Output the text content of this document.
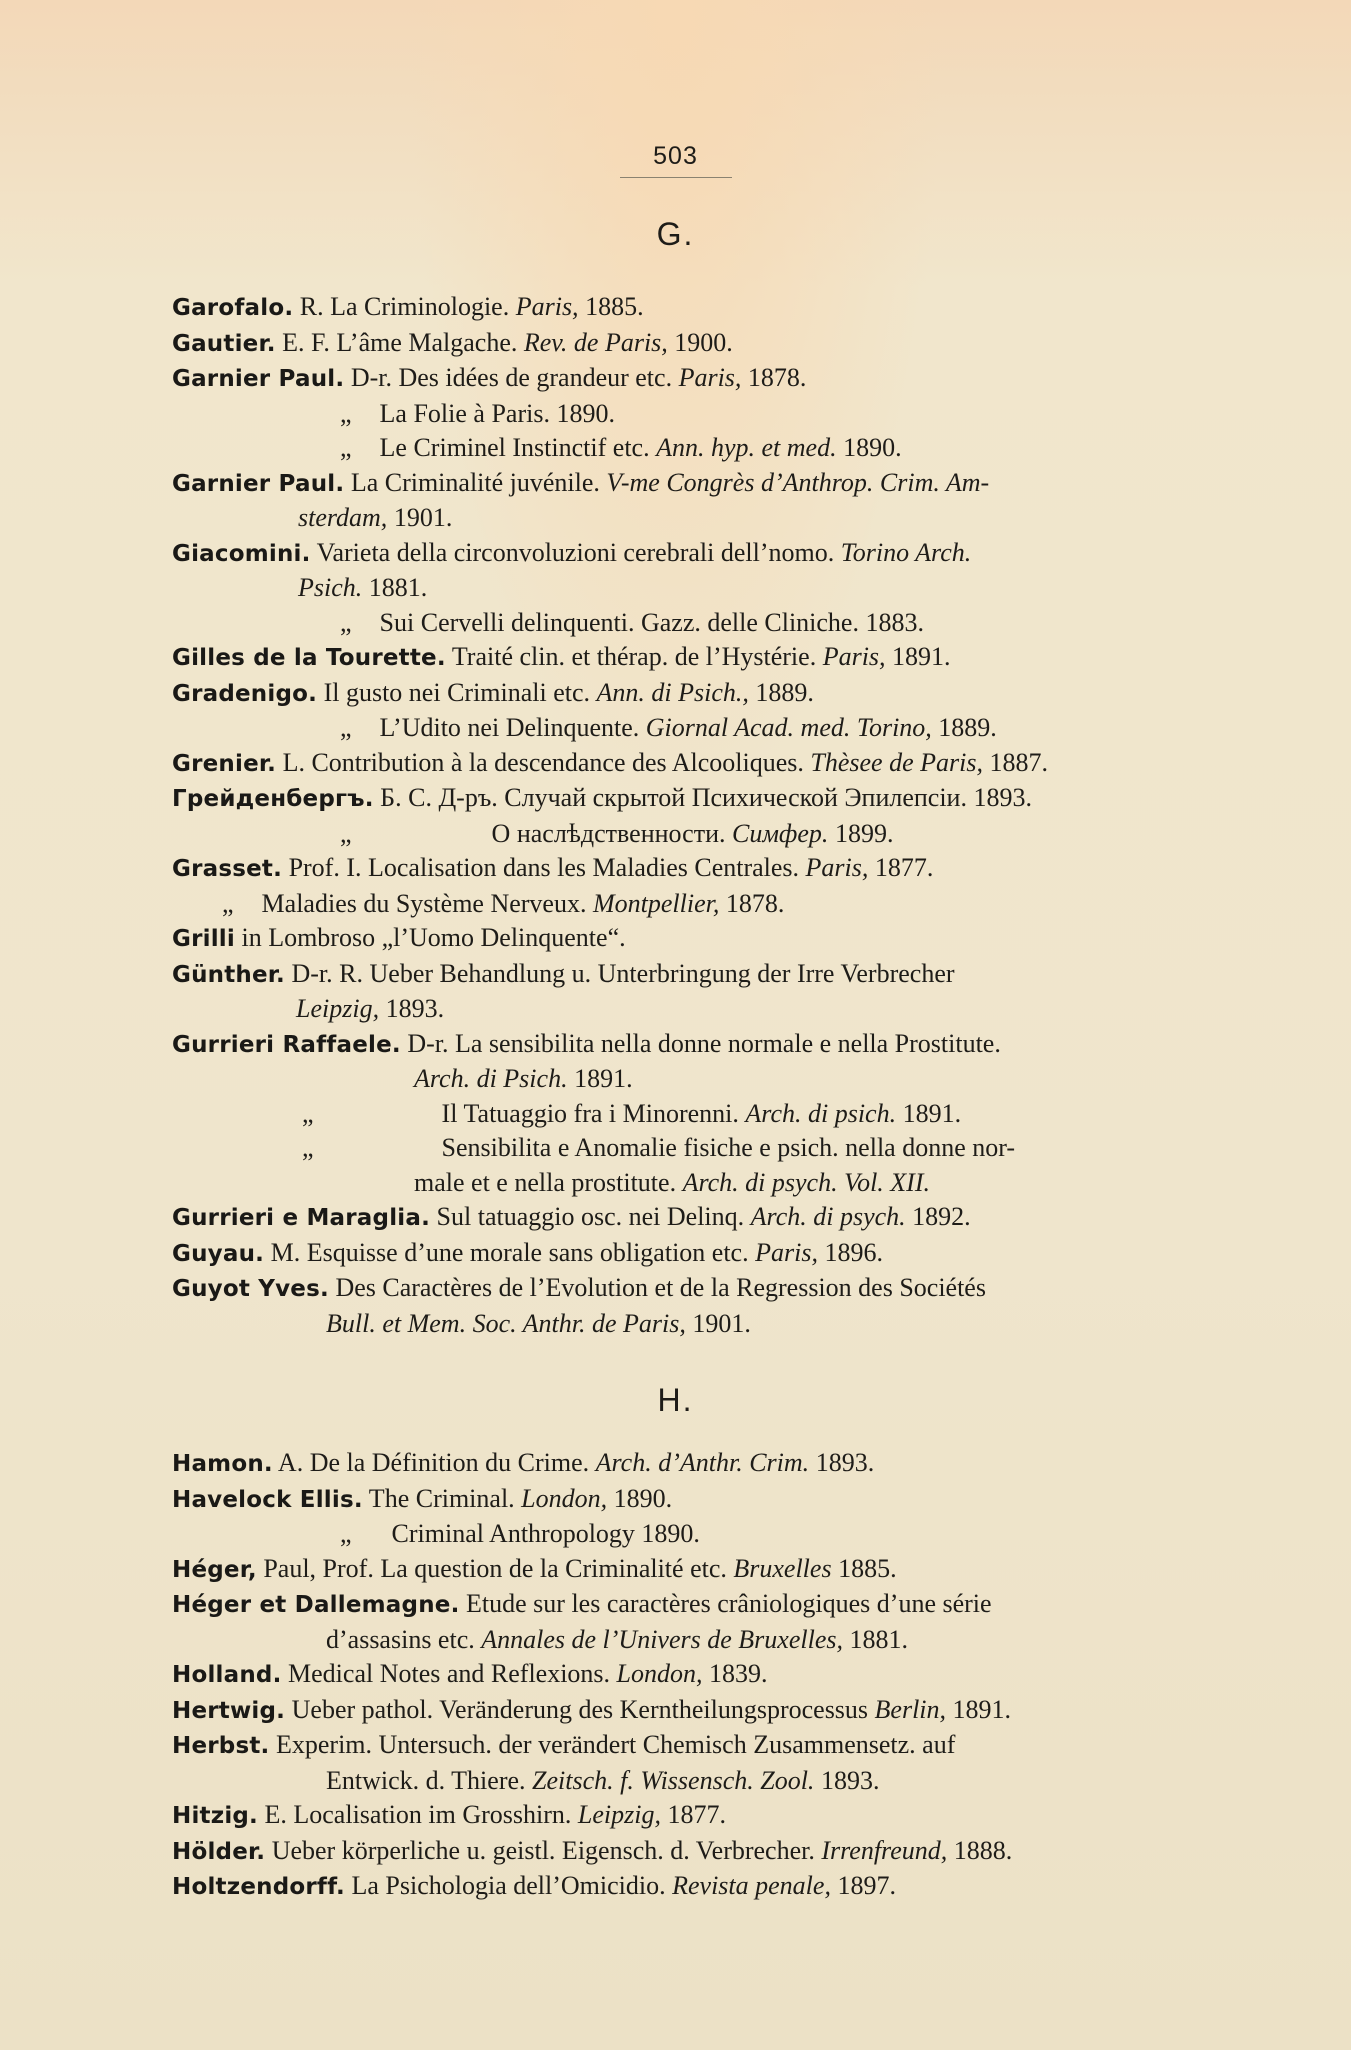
503
G.
Garofalo. R. La Criminologie. Paris, 1885.
Gautier. E. F. L’âme Malgache. Rev. de Paris, 1900.
Garnier Paul. D-r. Des idées de grandeur etc. Paris, 1878.
„ La Folie à Paris. 1890.
„ Le Criminel Instinctif etc. Ann. hyp. et med. 1890.
Garnier Paul. La Criminalité juvénile. V-me Congrès d’Anthrop. Crim. Am-
sterdam, 1901.
Giacomini. Varieta della circonvoluzioni cerebrali dell’nomo. Torino Arch.
Psich. 1881.
„ Sui Cervelli delinquenti. Gazz. delle Cliniche. 1883.
Gilles de la Tourette. Traité clin. et thérap. de l’Hystérie. Paris, 1891.
Gradenigo. Il gusto nei Criminali etc. Ann. di Psich., 1889.
„ L’Udito nei Delinquente. Giornal Acad. med. Torino, 1889.
Grenier. L. Contribution à la descendance des Alcooliques. Thèsee de Paris, 1887.
Грейденбергъ. Б. С. Д-ръ. Случай скрытой Психической Эпилепсіи. 1893.
„	О наслѣдственности. Симфер. 1899.
Grasset. Prof. I. Localisation dans les Maladies Centrales. Paris, 1877.
„ Maladies du Système Nerveux. Montpellier, 1878.
Grilli in Lombroso „l’Uomo Delinquente“.
Günther. D-r. R. Ueber Behandlung u. Unterbringung der Irre Verbrecher
Leipzig, 1893.
Gurrieri Raffaele. D-r. La sensibilita nella donne normale e nella Prostitute.
Arch. di Psich. 1891.
„	Il Tatuaggio fra i Minorenni. Arch. di psich. 1891.
„	Sensibilita e Anomalie fisiche e psich. nella donne nor-
male et e nella prostitute. Arch. di psych. Vol. XII.
Gurrieri e Maraglia. Sul tatuaggio osc. nei Delinq. Arch. di psych. 1892.
Guyau. M. Esquisse d’une morale sans obligation etc. Paris, 1896.
Guyot Yves. Des Caractères de l’Evolution et de la Regression des Sociétés
Bull. et Mem. Soc. Anthr. de Paris, 1901.
H.
Hamon. A. De la Définition du Crime. Arch. d’Anthr. Crim. 1893.
Havelock Ellis. The Criminal. London, 1890.
„ Criminal Anthropology 1890.
Héger, Paul, Prof. La question de la Criminalité etc. Bruxelles 1885.
Héger et Dallemagne. Etude sur les caractères crâniologiques d’une série
d’assasins etc. Annales de l’Univers de Bruxelles, 1881.
Holland. Medical Notes and Reflexions. London, 1839.
Hertwig. Ueber pathol. Veränderung des Kerntheilungsprocessus Berlin, 1891.
Herbst. Experim. Untersuch. der verändert Chemisch Zusammensetz. auf
Entwick. d. Thiere. Zeitsch. f. Wissensch. Zool. 1893.
Hitzig. E. Localisation im Grosshirn. Leipzig, 1877.
Hölder. Ueber körperliche u. geistl. Eigensch. d. Verbrecher. Irrenfreund, 1888.
Holtzendorff. La Psichologia dell’Omicidio. Revista penale, 1897.
